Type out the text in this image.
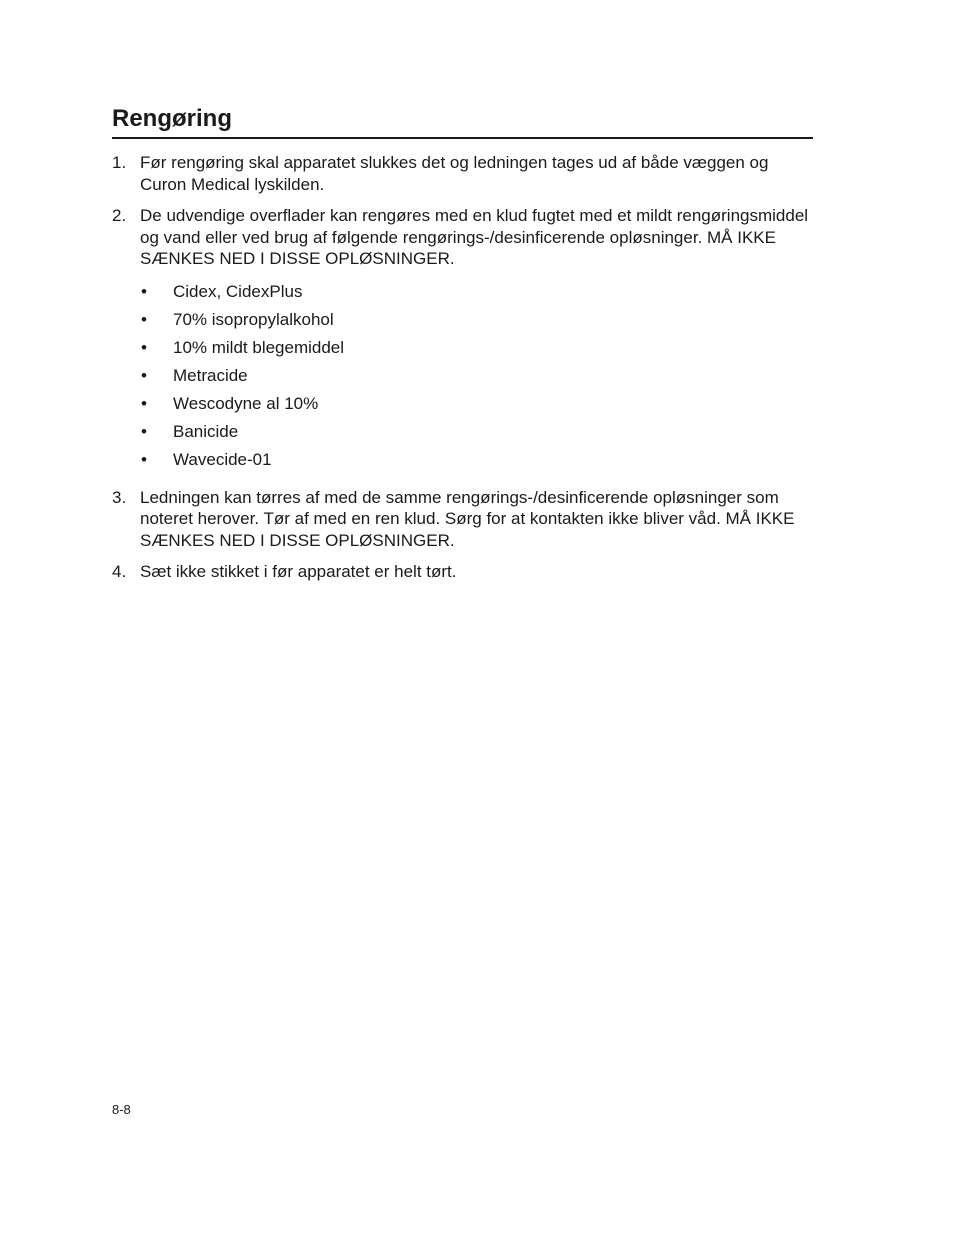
Rengøring
1. Før rengøring skal apparatet slukkes det og ledningen tages ud af både væggen og Curon Medical lyskilden.
2. De udvendige overflader kan rengøres med en klud fugtet med et mildt rengøringsmiddel og vand eller ved brug af følgende rengørings-/desinficerende opløsninger. MÅ IKKE SÆNKES NED I DISSE OPLØSNINGER.
• Cidex, CidexPlus
• 70% isopropylalkohol
• 10% mildt blegemiddel
• Metracide
• Wescodyne al 10%
• Banicide
• Wavecide-01
3. Ledningen kan tørres af med de samme rengørings-/desinficerende opløsninger som noteret herover. Tør af med en ren klud. Sørg for at kontakten ikke bliver våd. MÅ IKKE SÆNKES NED I DISSE OPLØSNINGER.
4. Sæt ikke stikket i før apparatet er helt tørt.
8-8
